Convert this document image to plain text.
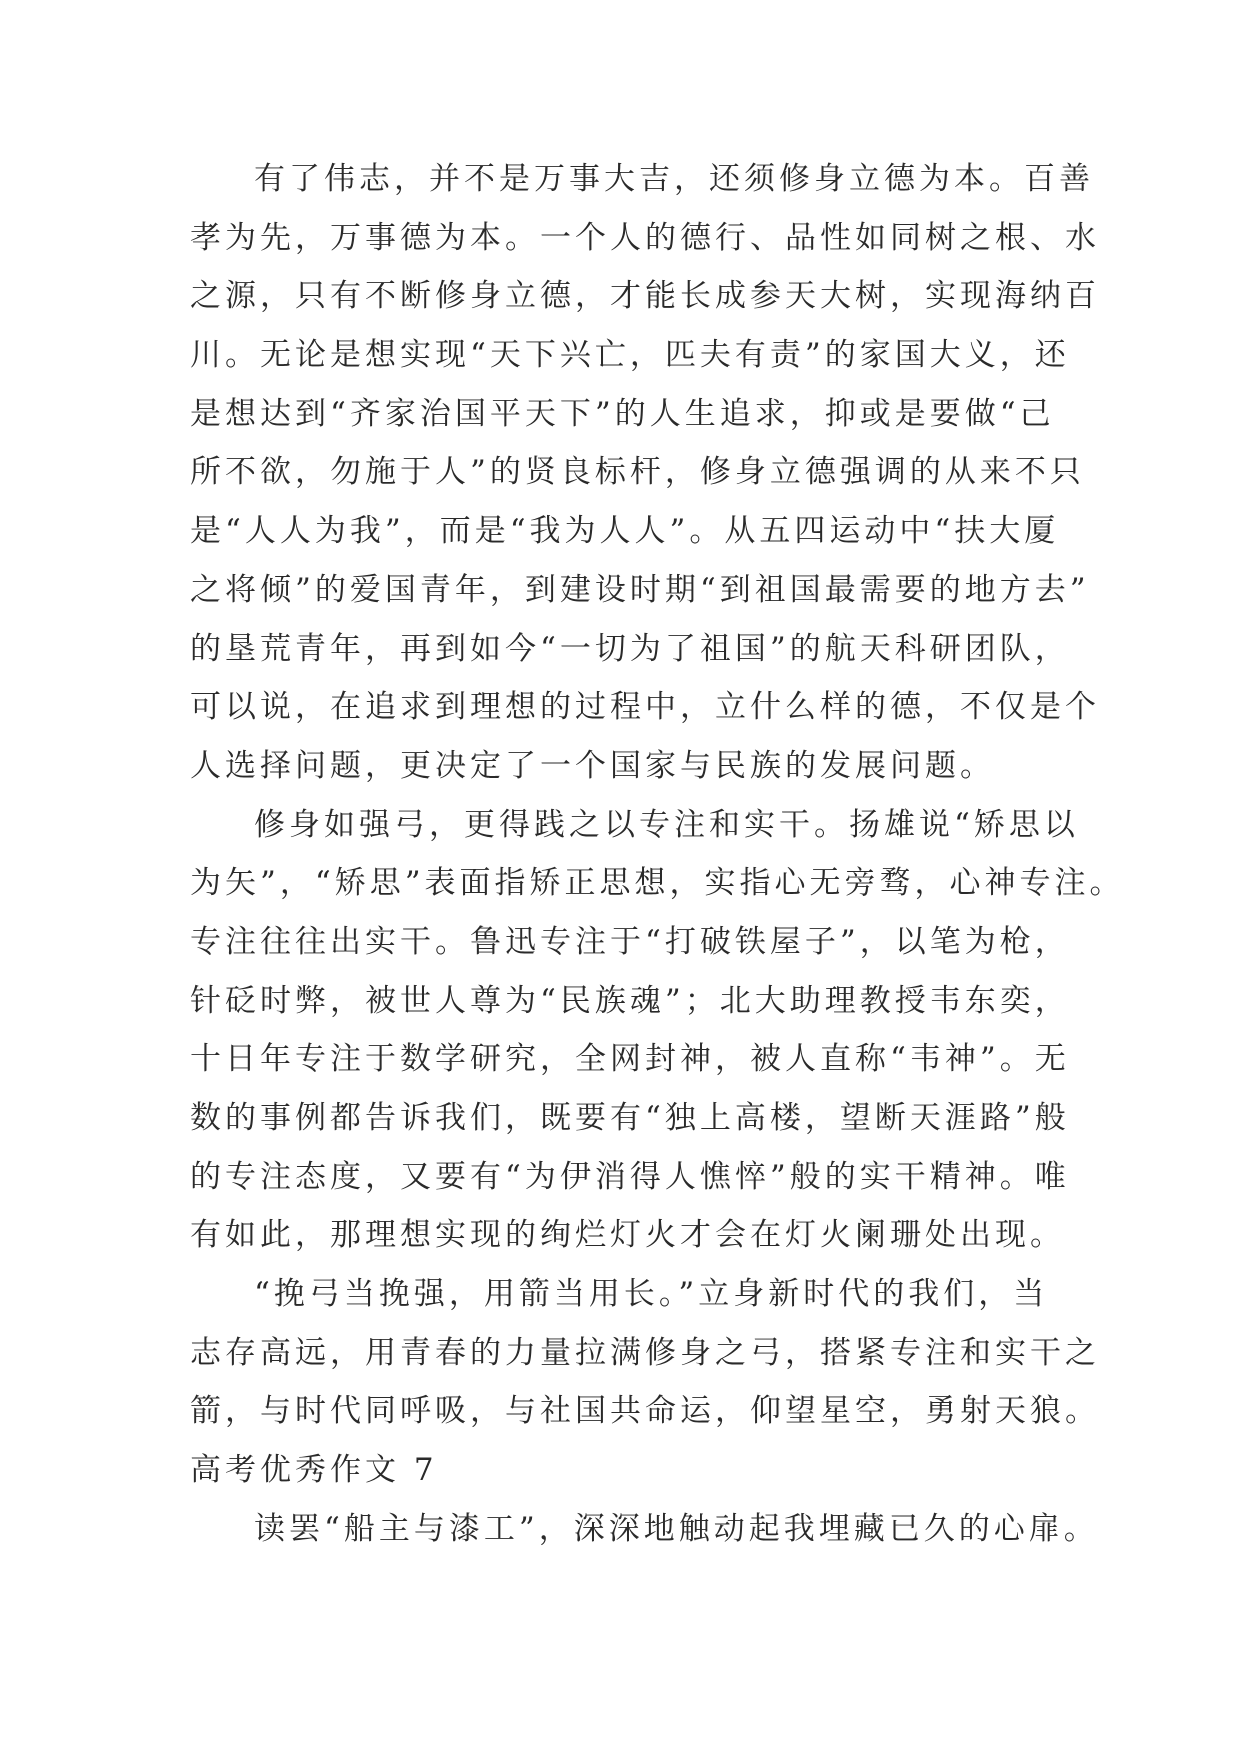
有了伟志，并不是万事大吉，还须修身立德为本。百善
孝为先，万事德为本。一个人的德行、品性如同树之根、水
之源，只有不断修身立德，才能长成参天大树，实现海纳百
川。无论是想实现“天下兴亡，匹夫有责”的家国大义，还
是想达到“齐家治国平天下”的人生追求，抑或是要做“己
所不欲，勿施于人”的贤良标杆，修身立德强调的从来不只
是“人人为我”，而是“我为人人”。从五四运动中“扶大厦
之将倾”的爱国青年，到建设时期“到祖国最需要的地方去”
的垦荒青年，再到如今“一切为了祖国”的航天科研团队，
可以说，在追求到理想的过程中，立什么样的德，不仅是个
人选择问题，更决定了一个国家与民族的发展问题。
修身如强弓，更得践之以专注和实干。扬雄说“矫思以
为矢”，“矫思”表面指矫正思想，实指心无旁骛，心神专注。
专注往往出实干。鲁迅专注于“打破铁屋子”，以笔为枪，
针砭时弊，被世人尊为“民族魂”；北大助理教授韦东奕，
十日年专注于数学研究，全网封神，被人直称“韦神”。无
数的事例都告诉我们，既要有“独上高楼，望断天涯路”般
的专注态度，又要有“为伊消得人憔悴”般的实干精神。唯
有如此，那理想实现的绚烂灯火才会在灯火阑珊处出现。
“挽弓当挽强，用箭当用长。”立身新时代的我们，当
志存高远，用青春的力量拉满修身之弓，搭紧专注和实干之
箭，与时代同呼吸，与社国共命运，仰望星空，勇射天狼。
高考优秀作文 7
读罢“船主与漆工”，深深地触动起我埋藏已久的心扉。
